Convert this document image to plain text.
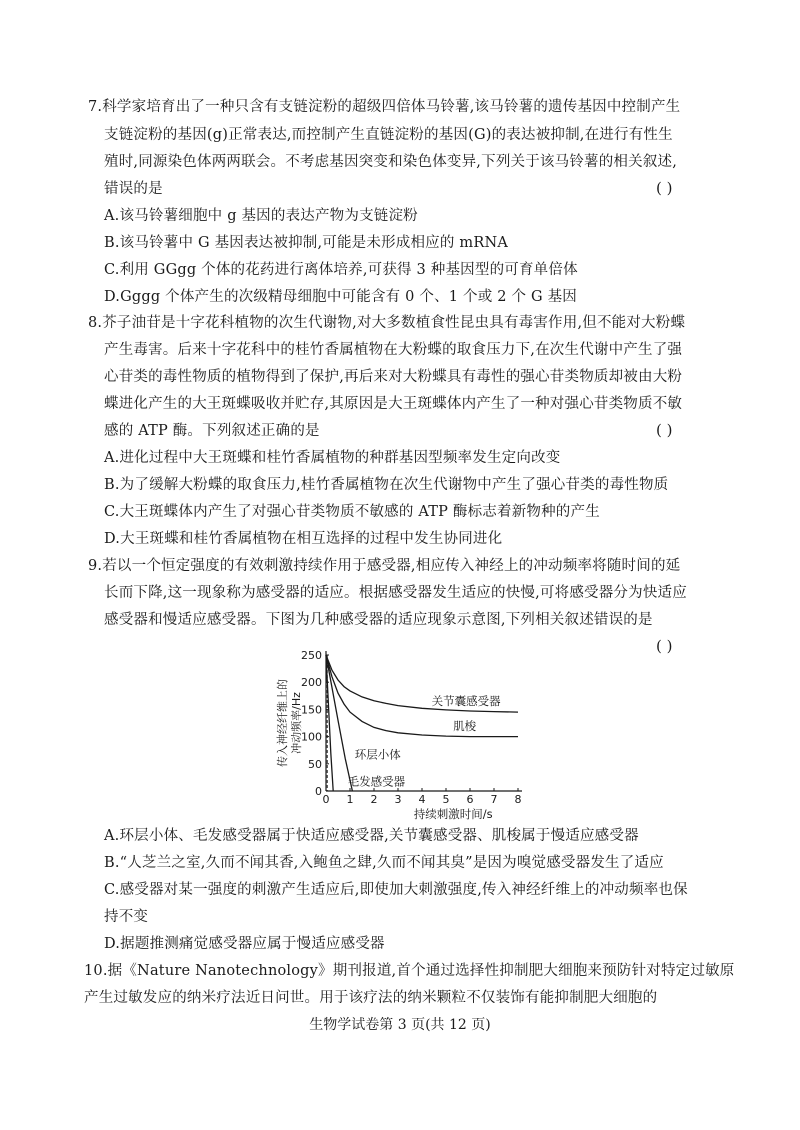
7.科学家培育出了一种只含有支链淀粉的超级四倍体马铃薯,该马铃薯的遗传基因中控制产生
支链淀粉的基因(g)正常表达,而控制产生直链淀粉的基因(G)的表达被抑制,在进行有性生
殖时,同源染色体两两联会。不考虑基因突变和染色体变异,下列关于该马铃薯的相关叙述,
错误的是	( )
A.该马铃薯细胞中 g 基因的表达产物为支链淀粉
B.该马铃薯中 G 基因表达被抑制,可能是未形成相应的 mRNA
C.利用 GGgg 个体的花药进行离体培养,可获得 3 种基因型的可育单倍体
D.Gggg 个体产生的次级精母细胞中可能含有 0 个、1 个或 2 个 G 基因
8.芥子油苷是十字花科植物的次生代谢物,对大多数植食性昆虫具有毒害作用,但不能对大粉蝶
产生毒害。后来十字花科中的桂竹香属植物在大粉蝶的取食压力下,在次生代谢中产生了强
心苷类的毒性物质的植物得到了保护,再后来对大粉蝶具有毒性的强心苷类物质却被由大粉
蝶进化产生的大王斑蝶吸收并贮存,其原因是大王斑蝶体内产生了一种对强心苷类物质不敏
感的 ATP 酶。下列叙述正确的是	( )
A.进化过程中大王斑蝶和桂竹香属植物的种群基因型频率发生定向改变
B.为了缓解大粉蝶的取食压力,桂竹香属植物在次生代谢物中产生了强心苷类的毒性物质
C.大王斑蝶体内产生了对强心苷类物质不敏感的 ATP 酶标志着新物种的产生
D.大王斑蝶和桂竹香属植物在相互选择的过程中发生协同进化
9.若以一个恒定强度的有效刺激持续作用于感受器,相应传入神经上的冲动频率将随时间的延
长而下降,这一现象称为感受器的适应。根据感受器发生适应的快慢,可将感受器分为快适应
感受器和慢适应感受器。下图为几种感受器的适应现象示意图,下列相关叙述错误的是
( )
0 1 2 3 4 5 6 7 8
0
50
100
150
200
250
关节囊感受器
肌梭
环层小体
毛发感受器
持续刺激时间/s
传入神经纤维上的 冲动频率/Hz
A.环层小体、毛发感受器属于快适应感受器,关节囊感受器、肌梭属于慢适应感受器
B.“人芝兰之室,久而不闻其香,入鲍鱼之肆,久而不闻其臭”是因为嗅觉感受器发生了适应
C.感受器对某一强度的刺激产生适应后,即使加大刺激强度,传入神经纤维上的冲动频率也保
持不变
D.据题推测痛觉感受器应属于慢适应感受器
10.据《Nature Nanotechnology》期刊报道,首个通过选择性抑制肥大细胞来预防针对特定过敏原
产生过敏发应的纳米疗法近日问世。用于该疗法的纳米颗粒不仅装饰有能抑制肥大细胞的
生物学试卷第 3 页(共 12 页)
